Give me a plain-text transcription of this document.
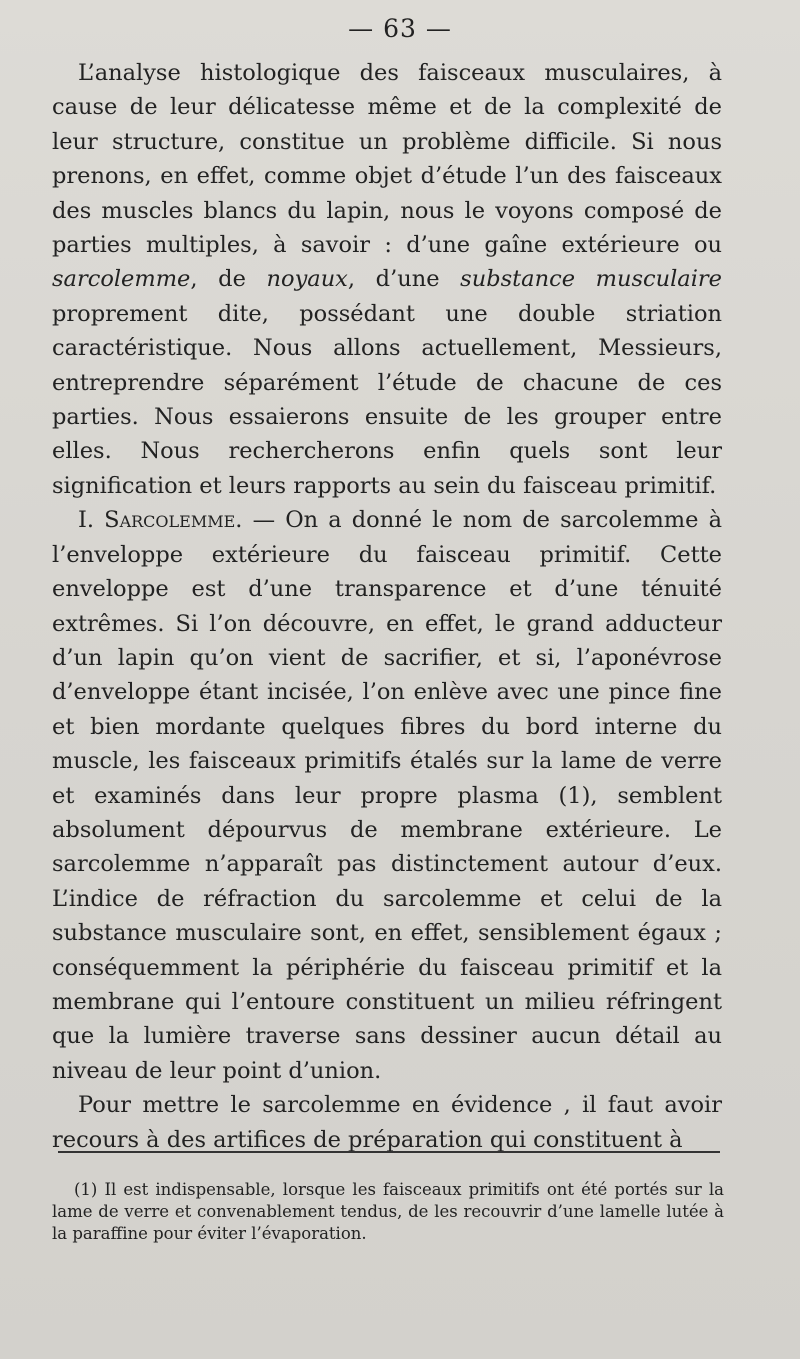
— 63 —

L’analyse histologique des faisceaux musculaires, à cause de leur délicatesse même et de la complexité de leur structure, constitue un problème difficile. Si nous prenons, en effet, comme objet d’étude l’un des faisceaux des muscles blancs du lapin, nous le voyons composé de parties multiples, à savoir : d’une gaîne extérieure ou sarcolemme, de noyaux, d’une substance musculaire proprement dite, possédant une double striation caractéristique. Nous allons actuellement, Messieurs, entreprendre séparément l’étude de chacune de ces parties. Nous essaierons ensuite de les grouper entre elles. Nous rechercherons enfin quels sont leur signification et leurs rapports au sein du faisceau primitif.

I. Sarcolemme. — On a donné le nom de sarcolemme à l’enveloppe extérieure du faisceau primitif. Cette enveloppe est d’une transparence et d’une ténuité extrêmes. Si l’on découvre, en effet, le grand adducteur d’un lapin qu’on vient de sacrifier, et si, l’aponévrose d’enveloppe étant incisée, l’on enlève avec une pince fine et bien mordante quelques fibres du bord interne du muscle, les faisceaux primitifs étalés sur la lame de verre et examinés dans leur propre plasma (1), semblent absolument dépourvus de membrane extérieure. Le sarcolemme n’apparaît pas distinctement autour d’eux. L’indice de réfraction du sarcolemme et celui de la substance musculaire sont, en effet, sensiblement égaux ; conséquemment la périphérie du faisceau primitif et la membrane qui l’entoure constituent un milieu réfringent que la lumière traverse sans dessiner aucun détail au niveau de leur point d’union.

Pour mettre le sarcolemme en évidence , il faut avoir recours à des artifices de préparation qui constituent à

(1) Il est indispensable, lorsque les faisceaux primitifs ont été portés sur la lame de verre et convenablement tendus, de les recouvrir d’une lamelle lutée à la paraffine pour éviter l’évaporation.
